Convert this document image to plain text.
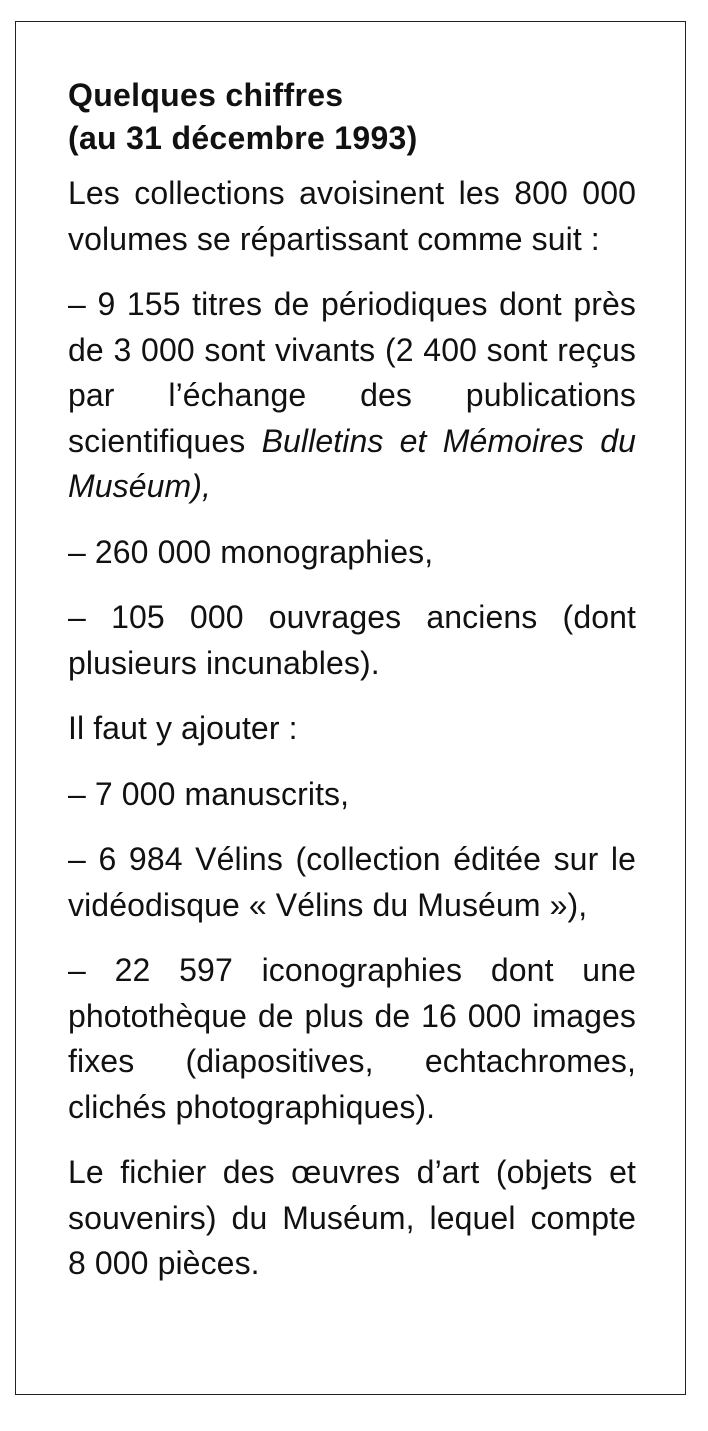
Quelques chiffres
(au 31 décembre 1993)

Les collections avoisinent les 800 000 volumes se répartissant comme suit :

– 9 155 titres de périodiques dont près de 3 000 sont vivants (2 400 sont reçus par l’échange des publications scientifiques Bulletins et Mémoires du Muséum),

– 260 000 monographies,

– 105 000 ouvrages anciens (dont plusieurs incunables).

Il faut y ajouter :

– 7 000 manuscrits,

– 6 984 Vélins (collection éditée sur le vidéodisque « Vélins du Muséum »),

– 22 597 iconographies dont une photothèque de plus de 16 000 images fixes (diapositives, echtachromes, clichés photographiques).

Le fichier des œuvres d’art (objets et souvenirs) du Muséum, lequel compte 8 000 pièces.
